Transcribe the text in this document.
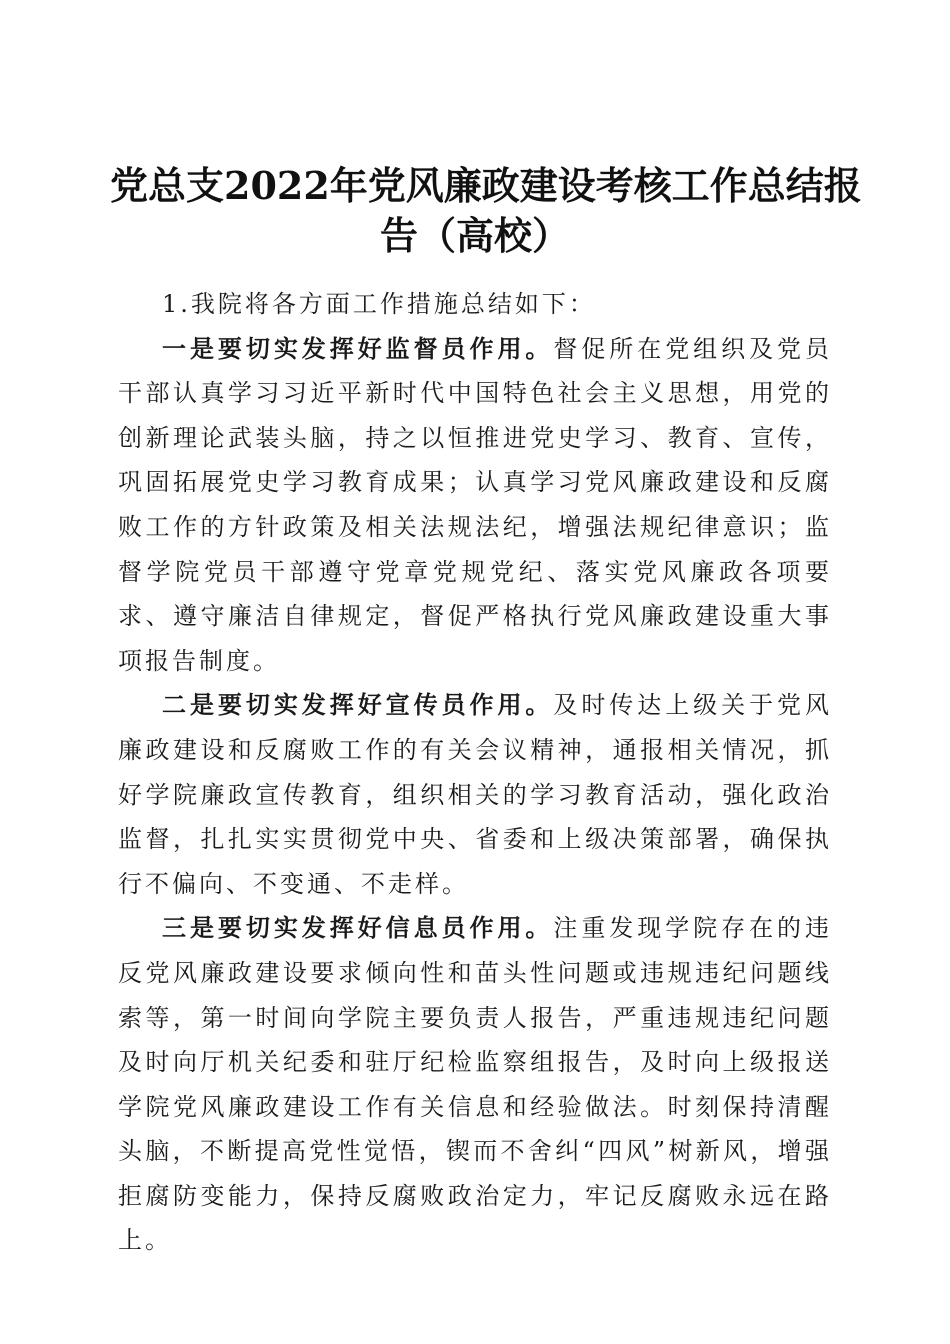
党总支2022年党风廉政建设考核工作总结报
告（高校）

1.我院将各方面工作措施总结如下：

一是要切实发挥好监督员作用。督促所在党组织及党员干部认真学习习近平新时代中国特色社会主义思想，用党的创新理论武装头脑，持之以恒推进党史学习、教育、宣传，巩固拓展党史学习教育成果；认真学习党风廉政建设和反腐败工作的方针政策及相关法规法纪，增强法规纪律意识；监督学院党员干部遵守党章党规党纪、落实党风廉政各项要求、遵守廉洁自律规定，督促严格执行党风廉政建设重大事项报告制度。

二是要切实发挥好宣传员作用。及时传达上级关于党风廉政建设和反腐败工作的有关会议精神，通报相关情况，抓好学院廉政宣传教育，组织相关的学习教育活动，强化政治监督，扎扎实实贯彻党中央、省委和上级决策部署，确保执行不偏向、不变通、不走样。

三是要切实发挥好信息员作用。注重发现学院存在的违反党风廉政建设要求倾向性和苗头性问题或违规违纪问题线索等，第一时间向学院主要负责人报告，严重违规违纪问题及时向厅机关纪委和驻厅纪检监察组报告，及时向上级报送学院党风廉政建设工作有关信息和经验做法。时刻保持清醒头脑，不断提高党性觉悟，锲而不舍纠“四风”树新风，增强拒腐防变能力，保持反腐败政治定力，牢记反腐败永远在路上。
